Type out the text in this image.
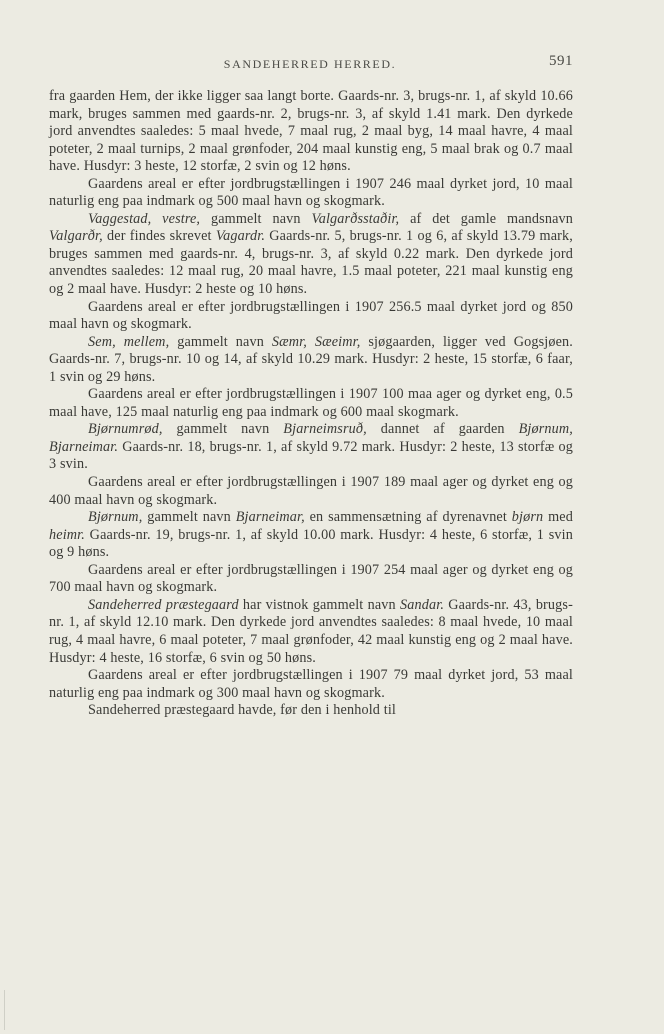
SANDEHERRED HERRED.	591

fra gaarden Hem, der ikke ligger saa langt borte. Gaards-nr. 3, brugs-nr. 1, af skyld 10.66 mark, bruges sammen med gaards-nr. 2, brugs-nr. 3, af skyld 1.41 mark. Den dyrkede jord anvendtes saaledes: 5 maal hvede, 7 maal rug, 2 maal byg, 14 maal havre, 4 maal poteter, 2 maal turnips, 2 maal grønfoder, 204 maal kunstig eng, 5 maal brak og 0.7 maal have. Husdyr: 3 heste, 12 storfæ, 2 svin og 12 høns.

Gaardens areal er efter jordbrugstællingen i 1907 246 maal dyrket jord, 10 maal naturlig eng paa indmark og 500 maal havn og skogmark.

Vaggestad, vestre, gammelt navn Valgarðsstaðir, af det gamle mandsnavn Valgarðr, der findes skrevet Vagardr. Gaards-nr. 5, brugs-nr. 1 og 6, af skyld 13.79 mark, bruges sammen med gaards-nr. 4, brugs-nr. 3, af skyld 0.22 mark. Den dyrkede jord anvendtes saaledes: 12 maal rug, 20 maal havre, 1.5 maal poteter, 221 maal kunstig eng og 2 maal have. Husdyr: 2 heste og 10 høns.

Gaardens areal er efter jordbrugstællingen i 1907 256.5 maal dyrket jord og 850 maal havn og skogmark.

Sem, mellem, gammelt navn Sæmr, Sæeimr, sjøgaarden, ligger ved Gogsjøen. Gaards-nr. 7, brugs-nr. 10 og 14, af skyld 10.29 mark. Husdyr: 2 heste, 15 storfæ, 6 faar, 1 svin og 29 høns.

Gaardens areal er efter jordbrugstællingen i 1907 100 maa ager og dyrket eng, 0.5 maal have, 125 maal naturlig eng paa indmark og 600 maal skogmark.

Bjørnumrød, gammelt navn Bjarneimsruð, dannet af gaarden Bjørnum, Bjarneimar. Gaards-nr. 18, brugs-nr. 1, af skyld 9.72 mark. Husdyr: 2 heste, 13 storfæ og 3 svin.

Gaardens areal er efter jordbrugstællingen i 1907 189 maal ager og dyrket eng og 400 maal havn og skogmark.

Bjørnum, gammelt navn Bjarneimar, en sammensætning af dyrenavnet bjørn med heimr. Gaards-nr. 19, brugs-nr. 1, af skyld 10.00 mark. Husdyr: 4 heste, 6 storfæ, 1 svin og 9 høns.

Gaardens areal er efter jordbrugstællingen i 1907 254 maal ager og dyrket eng og 700 maal havn og skogmark.

Sandeherred præstegaard har vistnok gammelt navn Sandar. Gaards-nr. 43, brugs-nr. 1, af skyld 12.10 mark. Den dyrkede jord anvendtes saaledes: 8 maal hvede, 10 maal rug, 4 maal havre, 6 maal poteter, 7 maal grønfoder, 42 maal kunstig eng og 2 maal have. Husdyr: 4 heste, 16 storfæ, 6 svin og 50 høns.

Gaardens areal er efter jordbrugstællingen i 1907 79 maal dyrket jord, 53 maal naturlig eng paa indmark og 300 maal havn og skogmark.

Sandeherred præstegaard havde, før den i henhold til
